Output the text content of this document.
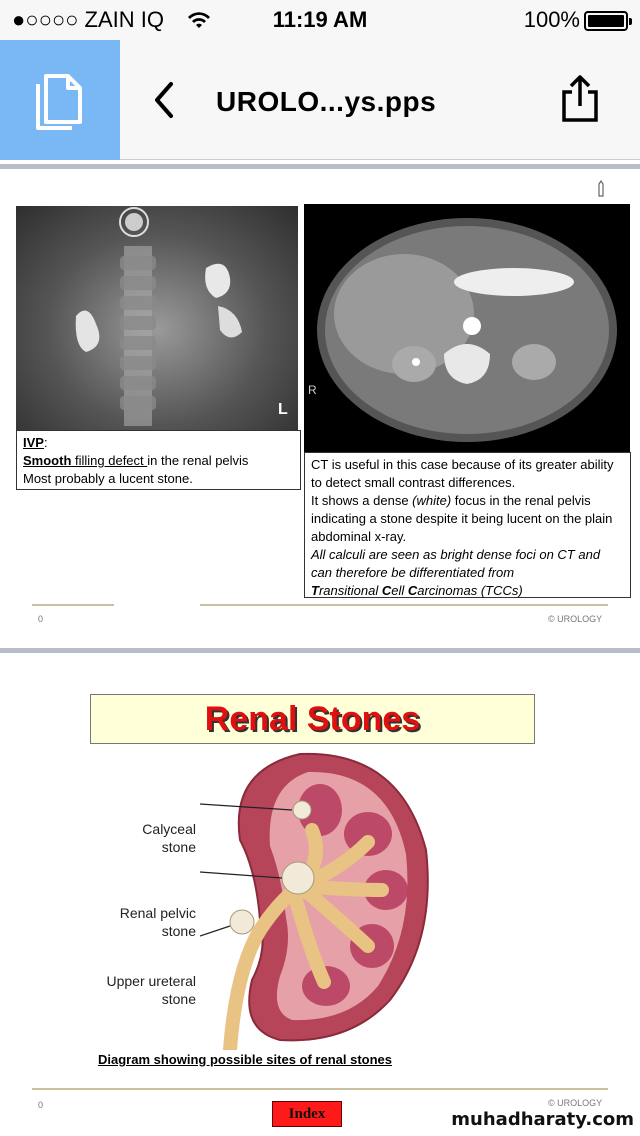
●○○○○ ZAIN IQ	11:19 AM	100%
UROLO...ys.pps
L
R
IVP:
Smooth filling defect in the renal pelvis
Most probably a lucent stone.
CT is useful in this case because of its greater ability to detect small contrast differences.
It shows a dense (white) focus in the renal pelvis indicating a stone despite it being lucent on the plain abdominal x-ray.
All calculi are seen as bright dense foci on CT and can therefore be differentiated from
Transitional Cell Carcinomas (TCCs)
0	© UROLOGY
Renal Stones
Calyceal
stone
Renal pelvic
stone
Upper ureteral
stone
Diagram showing possible sites of renal stones
0	© UROLOGY
Index	muhadharaty.com
